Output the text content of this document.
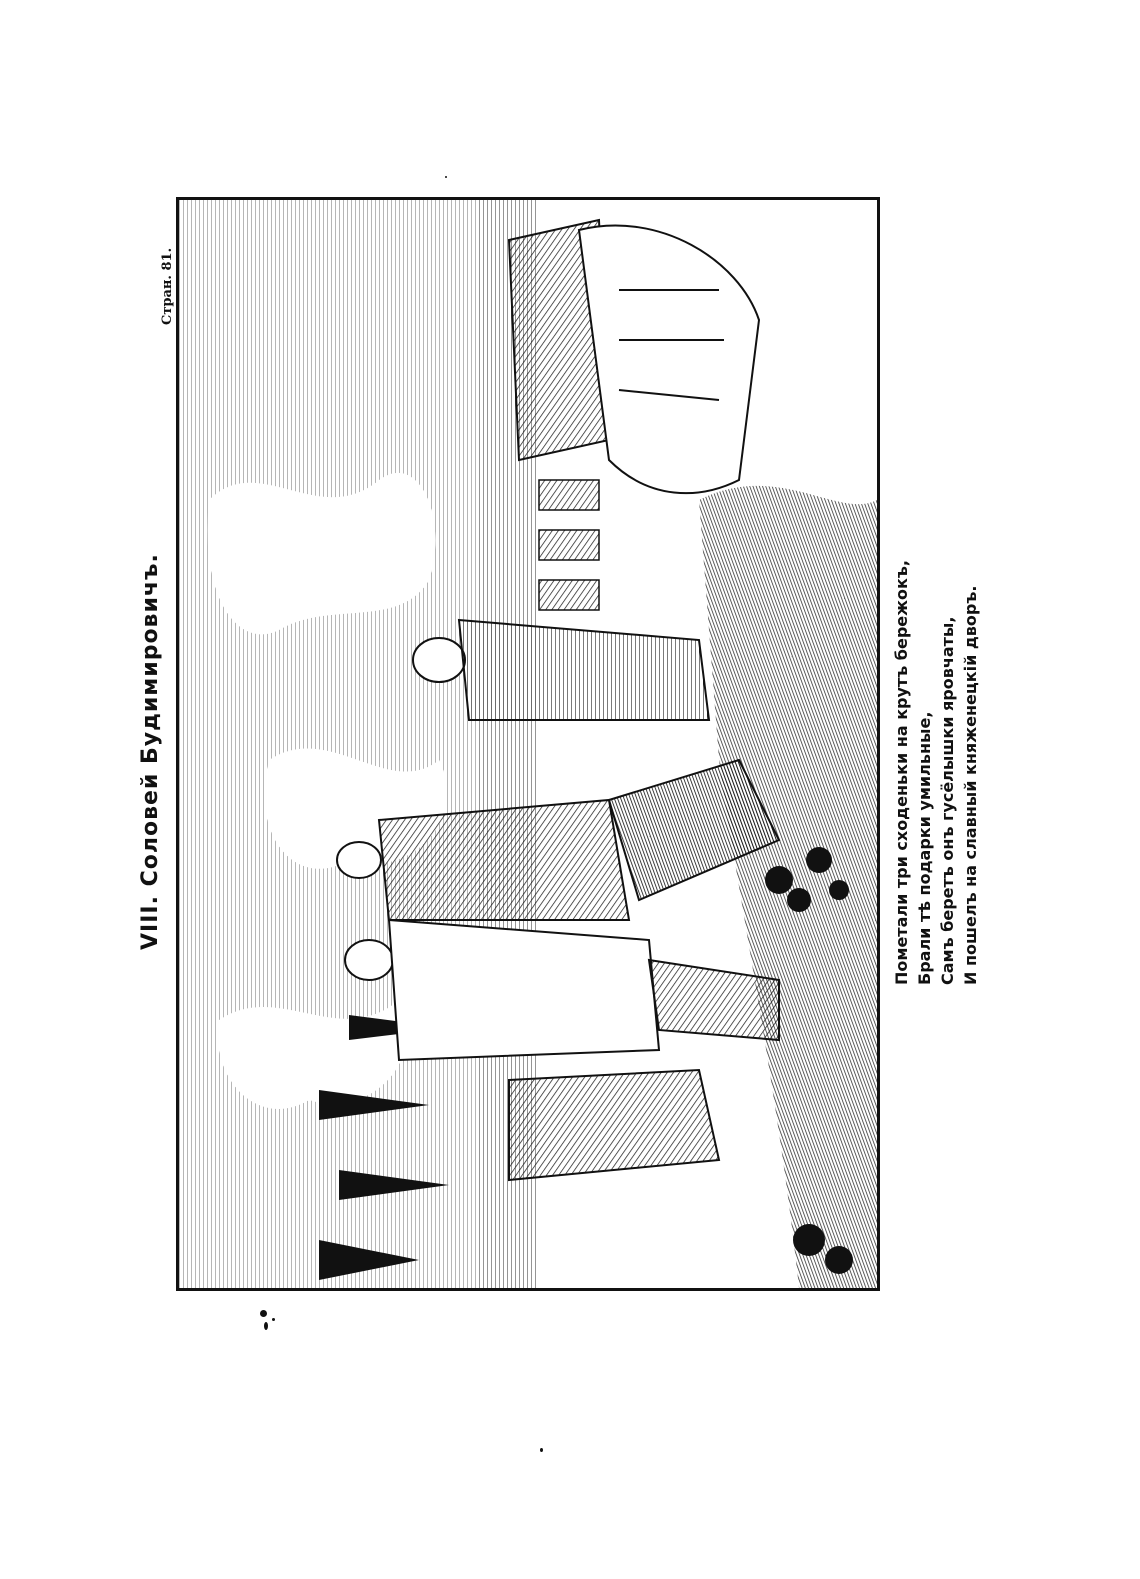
VIII. Соловей Будимировичъ.
Стран. 81.
Пометали три сходеньки на крутъ бережокъ, Брали тѣ подарки умильные, Самъ беретъ онъ гусёлышки яровчаты, И пошелъ на славный княженецкій дворъ.
